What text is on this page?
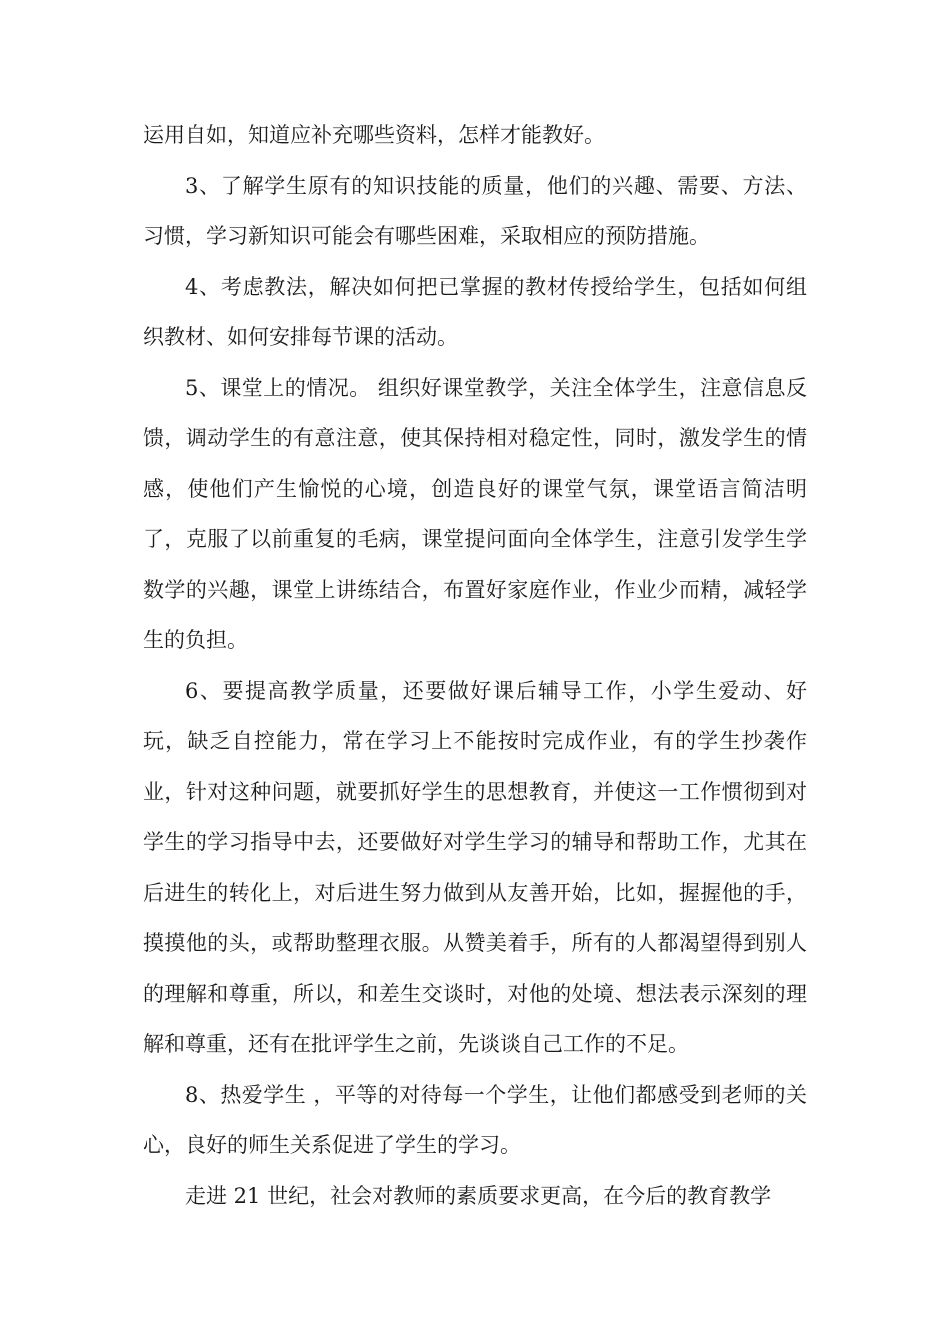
运用自如，知道应补充哪些资料，怎样才能教好。

3、了解学生原有的知识技能的质量，他们的兴趣、需要、方法、习惯，学习新知识可能会有哪些困难，采取相应的预防措施。

4、考虑教法，解决如何把已掌握的教材传授给学生，包括如何组织教材、如何安排每节课的活动。

5、课堂上的情况。 组织好课堂教学，关注全体学生，注意信息反馈，调动学生的有意注意，使其保持相对稳定性，同时，激发学生的情感，使他们产生愉悦的心境，创造良好的课堂气氛，课堂语言简洁明了，克服了以前重复的毛病，课堂提问面向全体学生，注意引发学生学数学的兴趣，课堂上讲练结合，布置好家庭作业，作业少而精，减轻学生的负担。

6、要提高教学质量，还要做好课后辅导工作，小学生爱动、好玩，缺乏自控能力，常在学习上不能按时完成作业，有的学生抄袭作业，针对这种问题，就要抓好学生的思想教育，并使这一工作惯彻到对学生的学习指导中去，还要做好对学生学习的辅导和帮助工作，尤其在后进生的转化上，对后进生努力做到从友善开始，比如，握握他的手，摸摸他的头，或帮助整理衣服。从赞美着手，所有的人都渴望得到别人的理解和尊重，所以，和差生交谈时，对他的处境、想法表示深刻的理解和尊重，还有在批评学生之前，先谈谈自己工作的不足。

8、热爱学生 ，平等的对待每一个学生，让他们都感受到老师的关心，良好的师生关系促进了学生的学习。

走进 21 世纪，社会对教师的素质要求更高，在今后的教育教学
